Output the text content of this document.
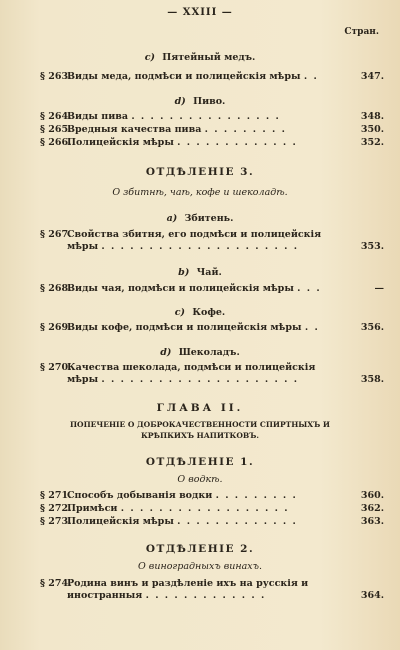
— XXIII —
Стран.
c) Пятейный медъ.
§ 263.
Виды меда, подмѣси и полицейскія мѣры . .	347.
d) Пиво.
§ 264.
Виды пива . . . . . . . . . . . . . . . .	348.
§ 265.
Вредныя качества пива . . . . . . . . .	350.
§ 266.
Полицейскія мѣры . . . . . . . . . . . . .	352.
ОТДѢЛЕНІЕ 3.
О збитнѣ, чаѣ, кофе и шеколадѣ.
a) Збитень.
§ 267.
Свойства збитня, его подмѣси и полицейскія мѣры . . . . . . . . . . . . . . . . . . . . .	353.
b) Чай.
§ 268.
Виды чая, подмѣси и полицейскія мѣры . . .	—
c) Кофе.
§ 269.
Виды кофе, подмѣси и полицейскія мѣры . .	356.
d) Шеколадъ.
§ 270.
Качества шеколада, подмѣси и полицейскія мѣры . . . . . . . . . . . . . . . . . . . . .	358.
ГЛАВА II.
ПОПЕЧЕНІЕ О ДОБРОКАЧЕСТВЕННОСТИ СПИРТНЫХЪ И КРѢПКИХЪ НАПИТКОВЪ.
ОТДѢЛЕНІЕ 1.
О водкѣ.
§ 271.
Способъ добыванія водки . . . . . . . . .	360.
§ 272.
Примѣси . . . . . . . . . . . . . . . . . .	362.
§ 273.
Полицейскія мѣры . . . . . . . . . . . . .	363.
ОТДѢЛЕНІЕ 2.
О виноградныхъ винахъ.
§ 274.
Родина винъ и раздѣленіе ихъ на русскія и иностранныя . . . . . . . . . . . . .	364.
